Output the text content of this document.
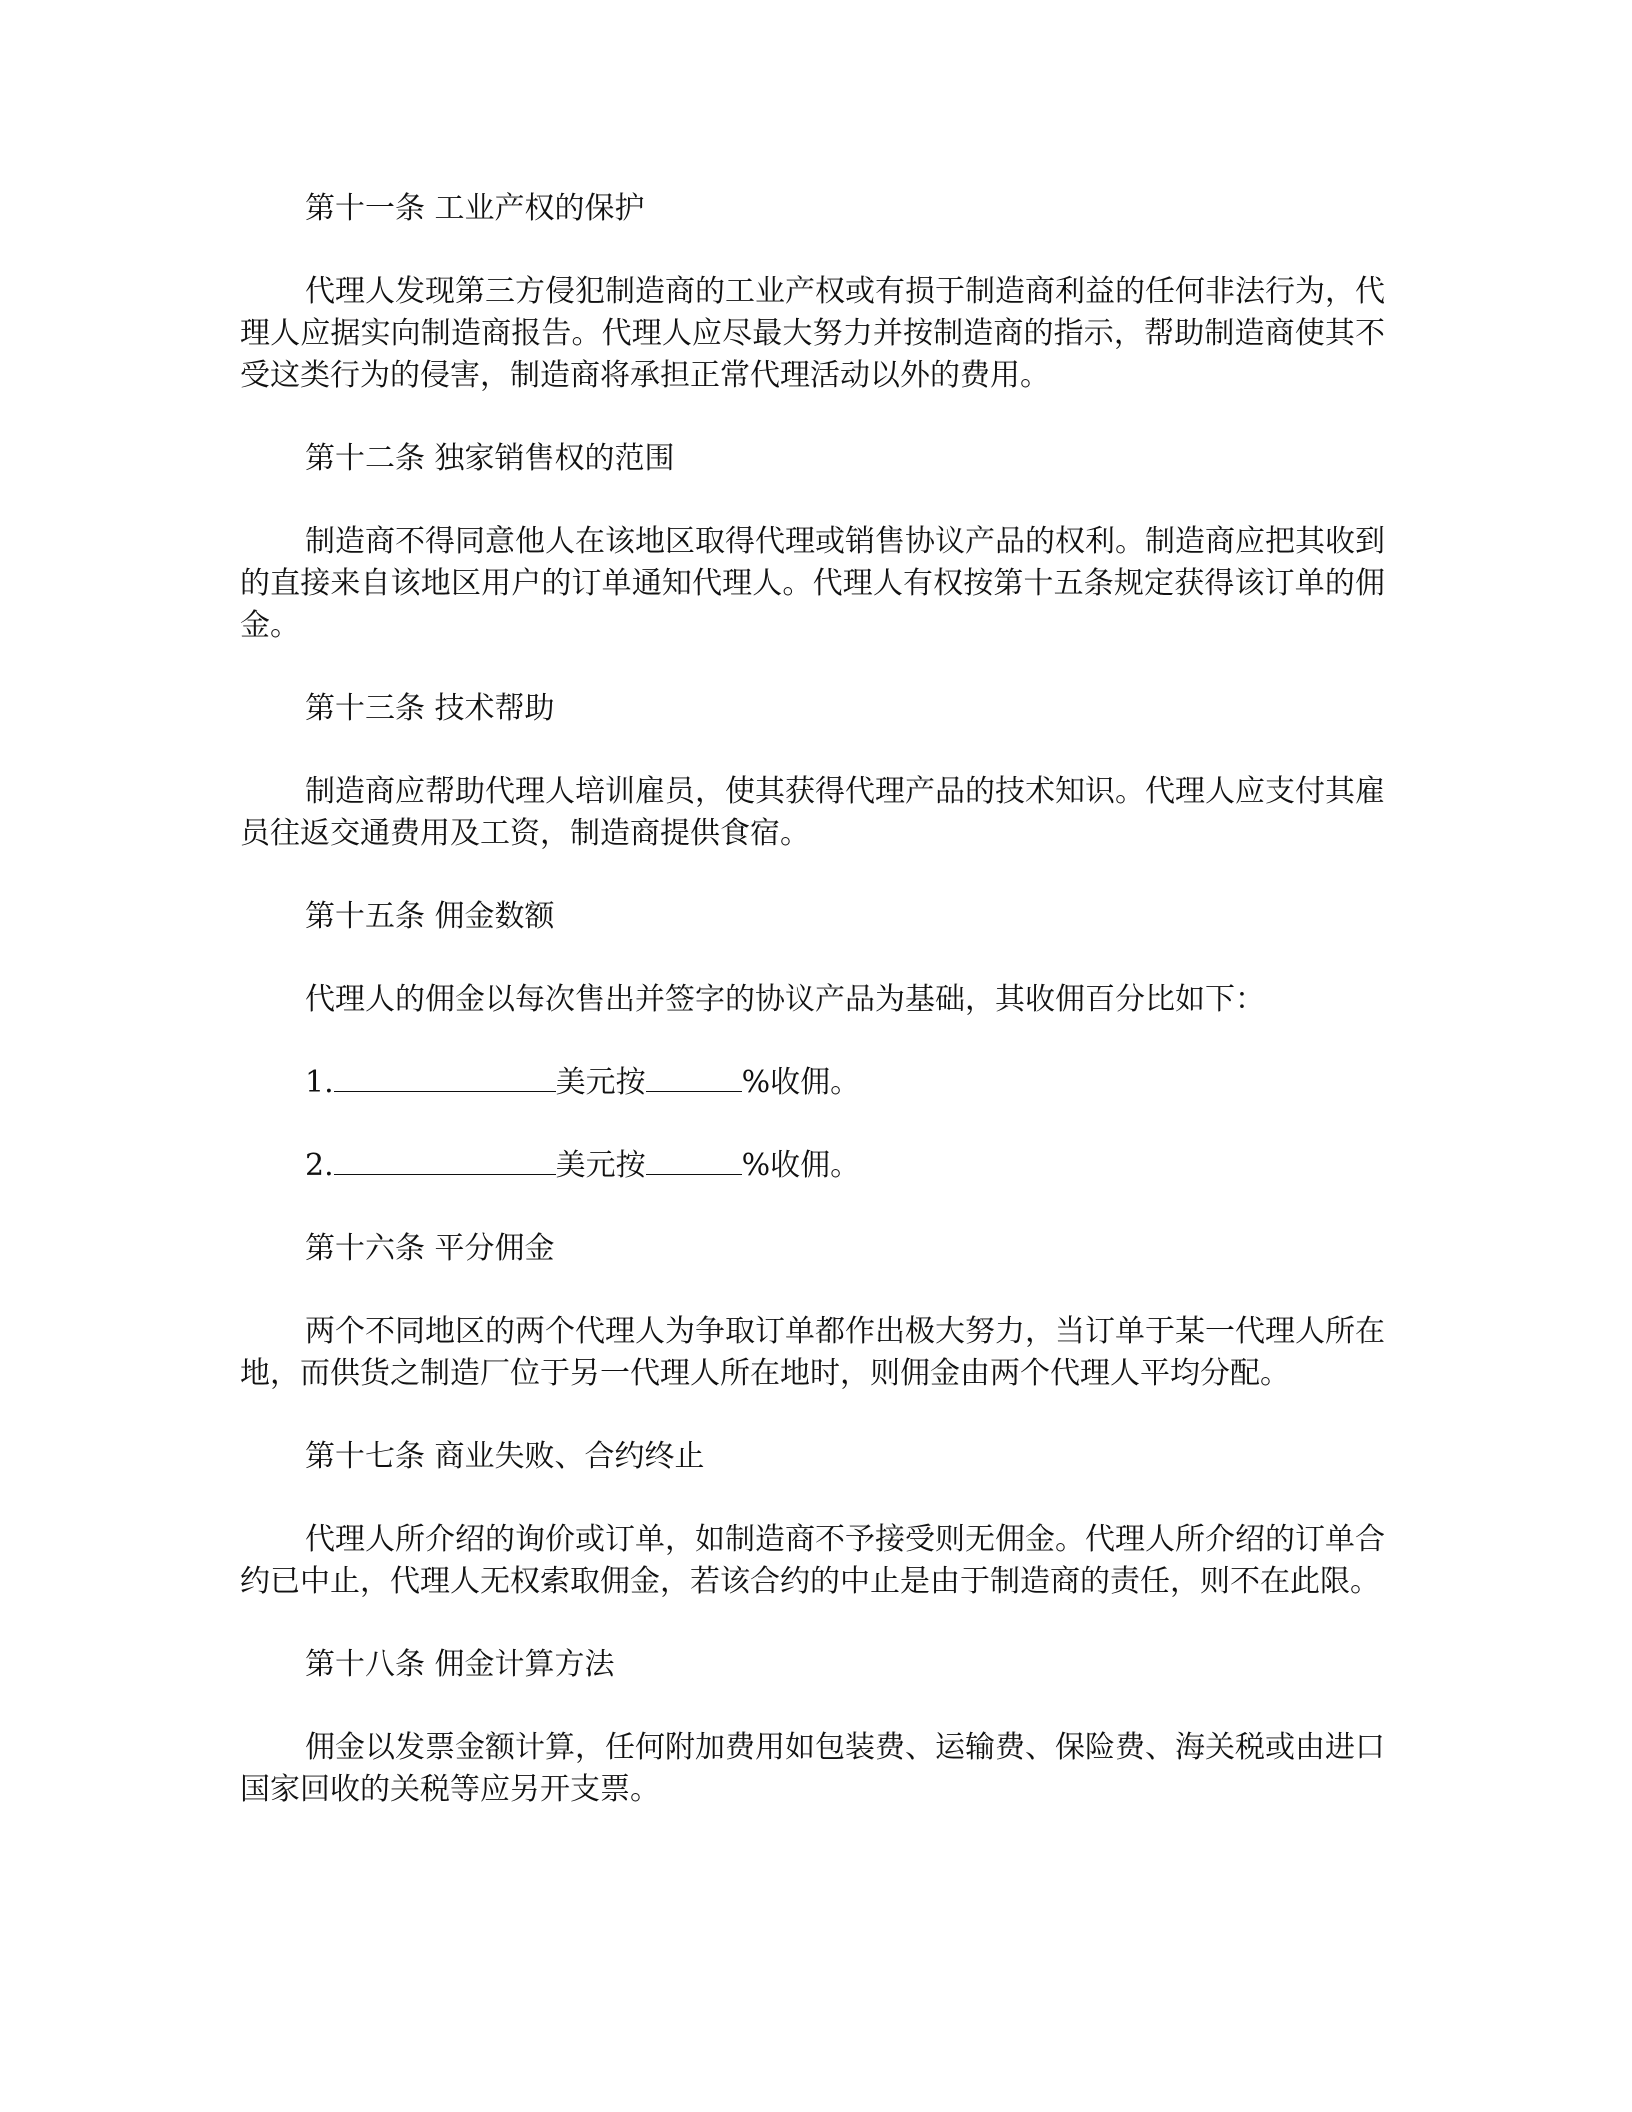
第十一条 工业产权的保护

代理人发现第三方侵犯制造商的工业产权或有损于制造商利益的任何非法行为，代理人应据实向制造商报告。代理人应尽最大努力并按制造商的指示，帮助制造商使其不受这类行为的侵害，制造商将承担正常代理活动以外的费用。

第十二条 独家销售权的范围

制造商不得同意他人在该地区取得代理或销售协议产品的权利。制造商应把其收到的直接来自该地区用户的订单通知代理人。代理人有权按第十五条规定获得该订单的佣金。

第十三条 技术帮助

制造商应帮助代理人培训雇员，使其获得代理产品的技术知识。代理人应支付其雇员往返交通费用及工资，制造商提供食宿。

第十五条 佣金数额

代理人的佣金以每次售出并签字的协议产品为基础，其收佣百分比如下：

1.	美元按	%收佣。

2.	美元按	%收佣。

第十六条 平分佣金

两个不同地区的两个代理人为争取订单都作出极大努力，当订单于某一代理人所在地，而供货之制造厂位于另一代理人所在地时，则佣金由两个代理人平均分配。

第十七条 商业失败、合约终止

代理人所介绍的询价或订单，如制造商不予接受则无佣金。代理人所介绍的订单合约已中止，代理人无权索取佣金，若该合约的中止是由于制造商的责任，则不在此限。

第十八条 佣金计算方法

佣金以发票金额计算，任何附加费用如包装费、运输费、保险费、海关税或由进口国家回收的关税等应另开支票。
